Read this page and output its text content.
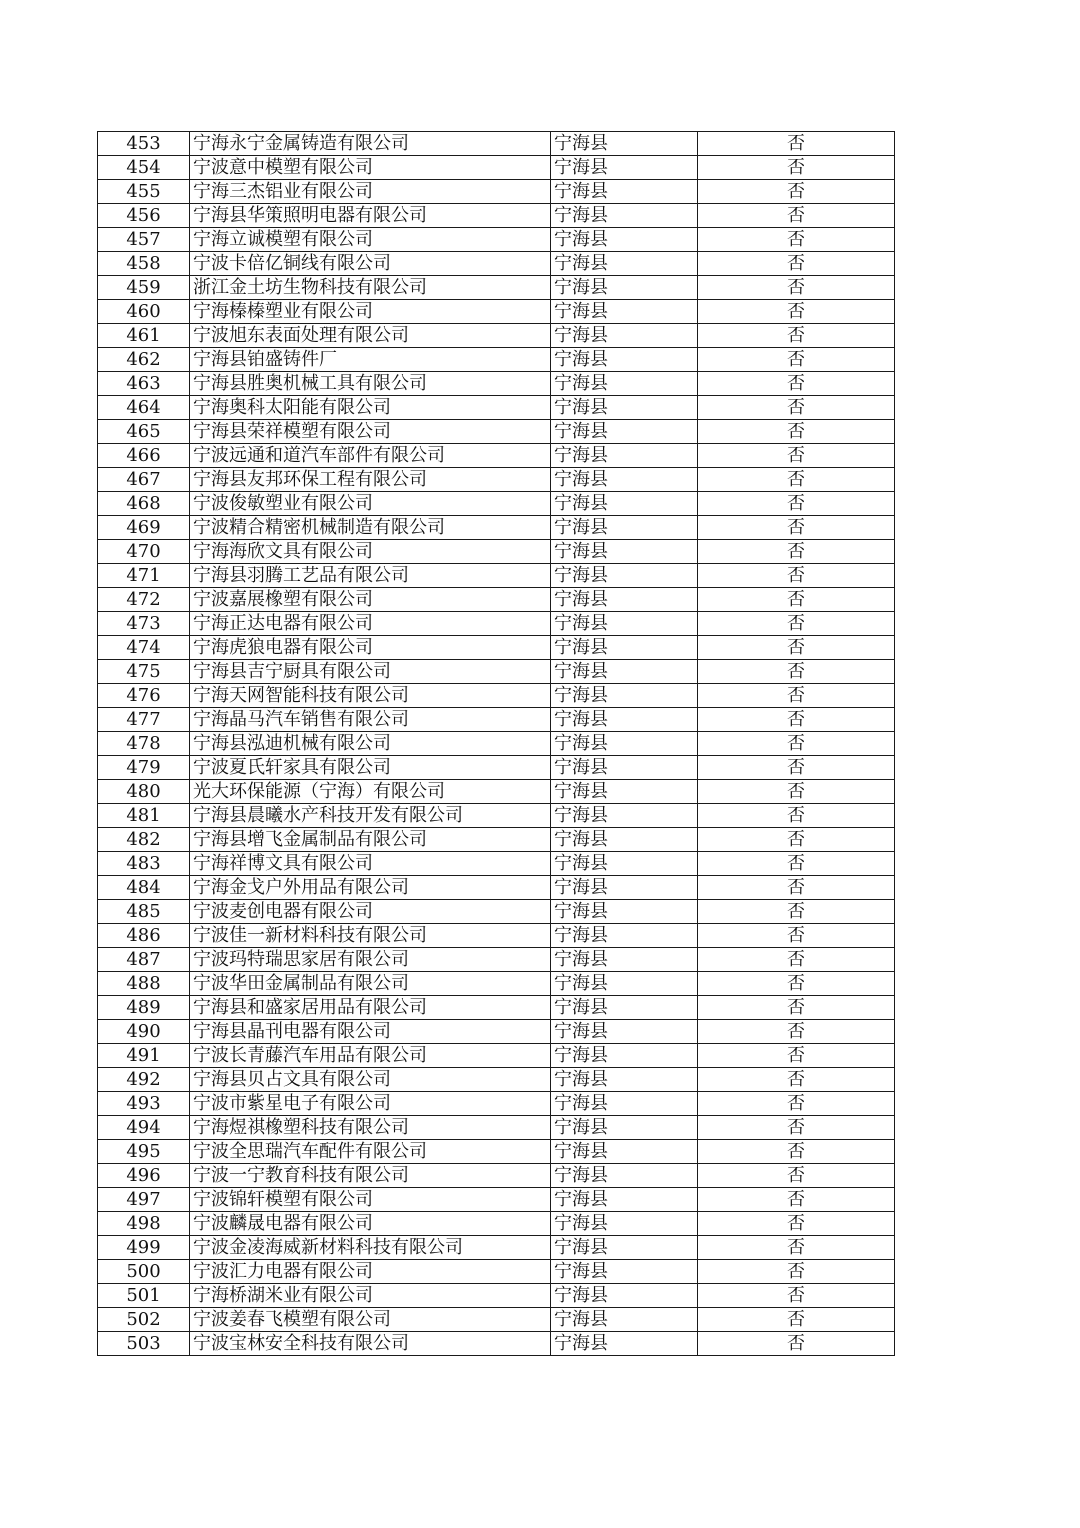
453	宁海永宁金属铸造有限公司	宁海县	否
454	宁波意中模塑有限公司	宁海县	否
455	宁海三杰铝业有限公司	宁海县	否
456	宁海县华策照明电器有限公司	宁海县	否
457	宁海立诚模塑有限公司	宁海县	否
458	宁波卡倍亿铜线有限公司	宁海县	否
459	浙江金土坊生物科技有限公司	宁海县	否
460	宁海榛榛塑业有限公司	宁海县	否
461	宁波旭东表面处理有限公司	宁海县	否
462	宁海县铂盛铸件厂	宁海县	否
463	宁海县胜奥机械工具有限公司	宁海县	否
464	宁海奥科太阳能有限公司	宁海县	否
465	宁海县荣祥模塑有限公司	宁海县	否
466	宁波远通和道汽车部件有限公司	宁海县	否
467	宁海县友邦环保工程有限公司	宁海县	否
468	宁波俊敏塑业有限公司	宁海县	否
469	宁波精合精密机械制造有限公司	宁海县	否
470	宁海海欣文具有限公司	宁海县	否
471	宁海县羽腾工艺品有限公司	宁海县	否
472	宁波嘉展橡塑有限公司	宁海县	否
473	宁海正达电器有限公司	宁海县	否
474	宁海虎狼电器有限公司	宁海县	否
475	宁海县吉宁厨具有限公司	宁海县	否
476	宁海天网智能科技有限公司	宁海县	否
477	宁海晶马汽车销售有限公司	宁海县	否
478	宁海县泓迪机械有限公司	宁海县	否
479	宁波夏氏轩家具有限公司	宁海县	否
480	光大环保能源（宁海）有限公司	宁海县	否
481	宁海县晨曦水产科技开发有限公司	宁海县	否
482	宁海县增飞金属制品有限公司	宁海县	否
483	宁海祥博文具有限公司	宁海县	否
484	宁海金戈户外用品有限公司	宁海县	否
485	宁波麦创电器有限公司	宁海县	否
486	宁波佳一新材料科技有限公司	宁海县	否
487	宁波玛特瑞思家居有限公司	宁海县	否
488	宁波华田金属制品有限公司	宁海县	否
489	宁海县和盛家居用品有限公司	宁海县	否
490	宁海县晶刊电器有限公司	宁海县	否
491	宁波长青藤汽车用品有限公司	宁海县	否
492	宁海县贝占文具有限公司	宁海县	否
493	宁波市紫星电子有限公司	宁海县	否
494	宁海煜祺橡塑科技有限公司	宁海县	否
495	宁波全思瑞汽车配件有限公司	宁海县	否
496	宁波一宁教育科技有限公司	宁海县	否
497	宁波锦轩模塑有限公司	宁海县	否
498	宁波麟晟电器有限公司	宁海县	否
499	宁波金凌海威新材料科技有限公司	宁海县	否
500	宁波汇力电器有限公司	宁海县	否
501	宁海桥湖米业有限公司	宁海县	否
502	宁波姜春飞模塑有限公司	宁海县	否
503	宁波宝林安全科技有限公司	宁海县	否
